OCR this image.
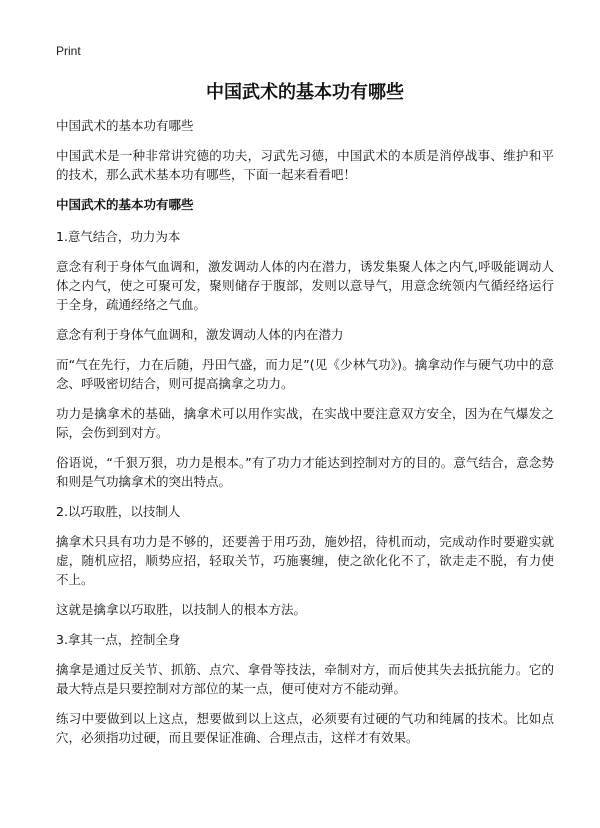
Print
中国武术的基本功有哪些

中国武术的基本功有哪些

中国武术是一种非常讲究德的功夫，习武先习德，中国武术的本质是消停战事、维护和平的技术，那么武术基本功有哪些，下面一起来看看吧！

中国武术的基本功有哪些

1.意气结合，功力为本

意念有利于身体气血调和，激发调动人体的内在潜力，诱发集聚人体之内气,呼吸能调动人体之内气，使之可聚可发，聚则储存于腹部，发则以意导气，用意念统领内气循经络运行于全身，疏通经络之气血。

意念有利于身体气血调和，激发调动人体的内在潜力

而“气在先行，力在后随，丹田气盛，而力足”(见《少林气功》)。擒拿动作与硬气功中的意念、呼吸密切结合，则可提高擒拿之功力。

功力是擒拿术的基础，擒拿术可以用作实战，在实战中要注意双方安全，因为在气爆发之际，会伤到到对方。

俗语说，“千狠万狠，功力是根本。”有了功力才能达到控制对方的目的。意气结合，意念势和则是气功擒拿术的突出特点。

2.以巧取胜，以技制人

擒拿术只具有功力是不够的，还要善于用巧劲，施妙招，待机而动，完成动作时要避实就虚，随机应招，顺势应招，轻取关节，巧施裹缠，使之欲化化不了，欲走走不脱，有力使不上。

这就是擒拿以巧取胜，以技制人的根本方法。

3.拿其一点，控制全身

擒拿是通过反关节、抓筋、点穴、拿骨等技法，牵制对方，而后使其失去抵抗能力。它的最大特点是只要控制对方部位的某一点，便可使对方不能动弹。

练习中要做到以上这点，想要做到以上这点，必须要有过硬的气功和纯属的技术。比如点穴，必须指功过硬，而且要保证准确、合理点击，这样才有效果。
